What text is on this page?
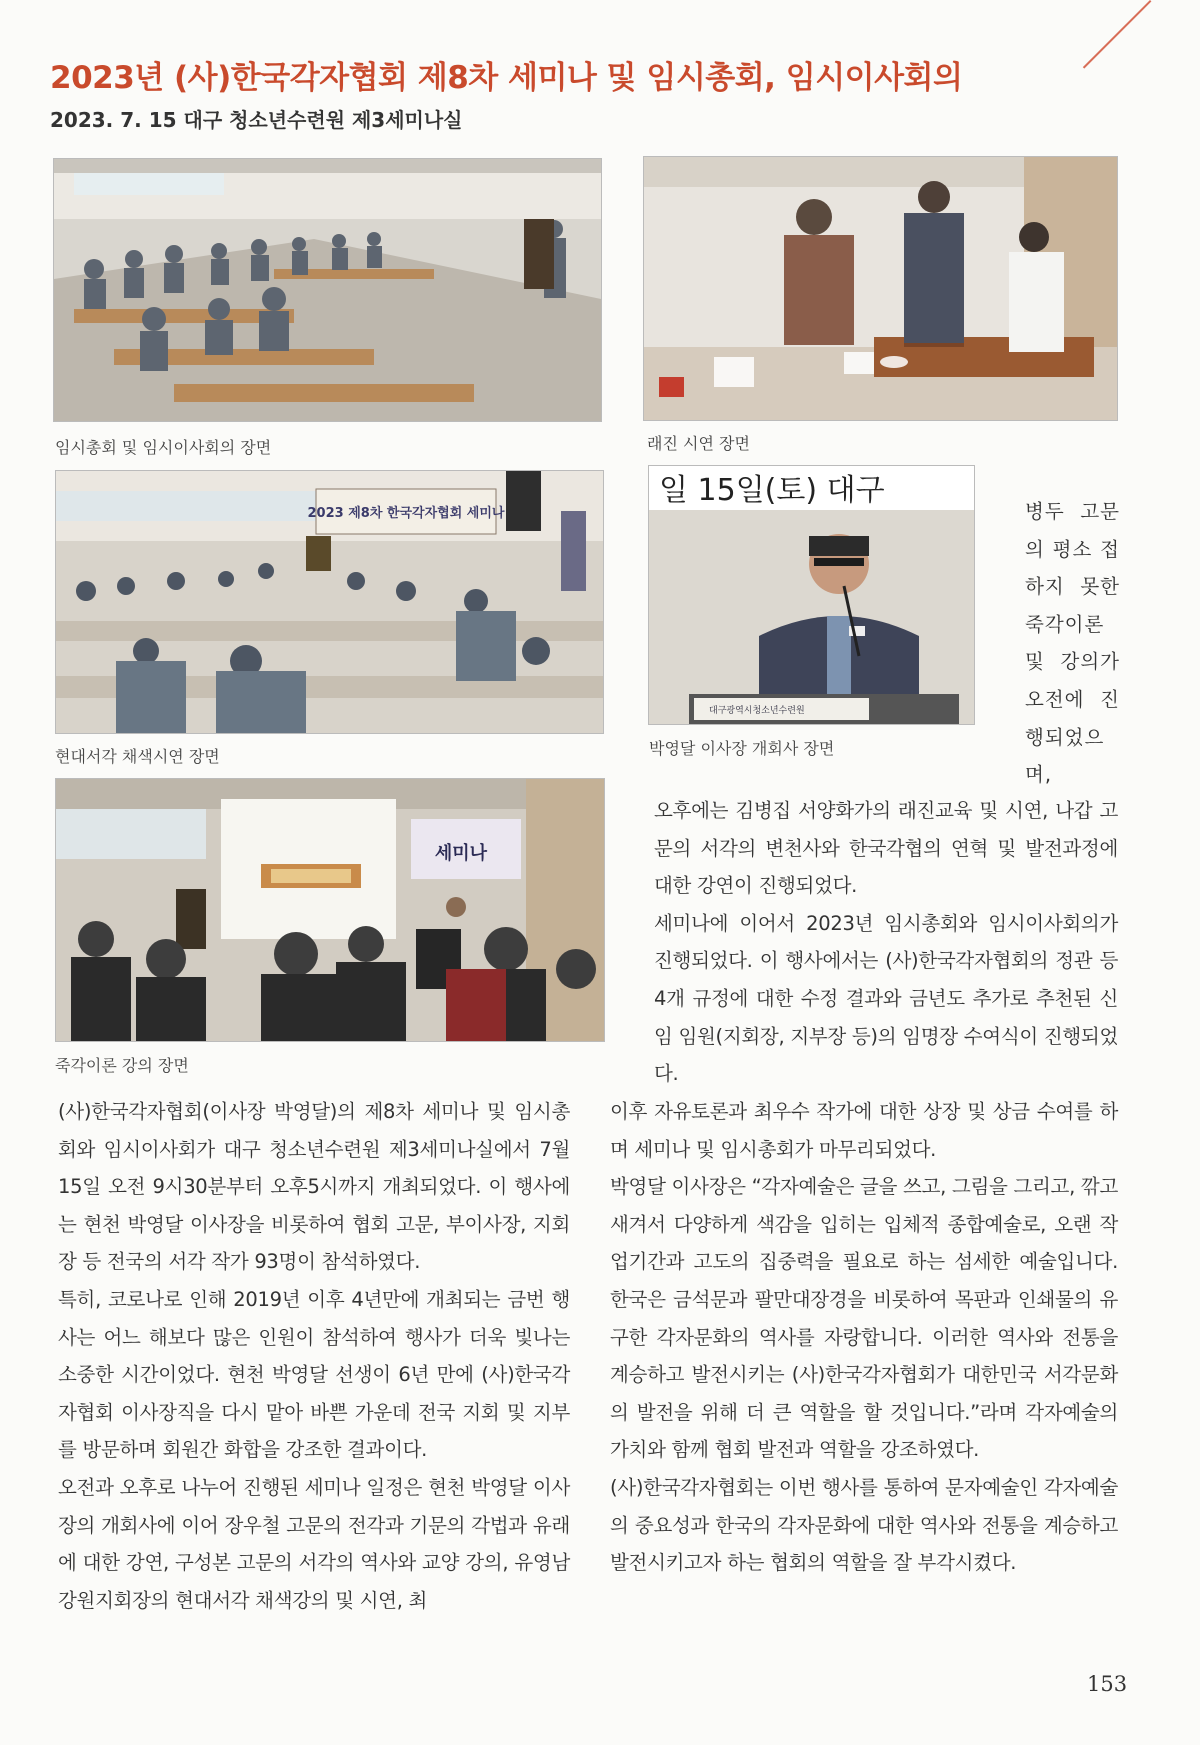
2023년 (사)한국각자협회 제8차 세미나 및 임시총회, 임시이사회의
2023. 7. 15 대구 청소년수련원 제3세미나실
임시총회 및 임시이사회의 장면	래진 시연 장면
2023 제8차 한국각자협회 세미나
현대서각 채색시연 장면
일 15일(토) 대구
대구광역시청소년수련원
박영달 이사장 개회사 장면
세미나
죽각이론 강의 장면
병두 고문의 평소 접하지 못한 죽각이론 및 강의가 오전에 진행되었으며,

오후에는 김병집 서양화가의 래진교육 및 시연, 나갑 고문의 서각의 변천사와 한국각협의 연혁 및 발전과정에 대한 강연이 진행되었다.

세미나에 이어서 2023년 임시총회와 임시이사회의가 진행되었다. 이 행사에서는 (사)한국각자협회의 정관 등 4개 규정에 대한 수정 결과와 금년도 추가로 추천된 신임 임원(지회장, 지부장 등)의 임명장 수여식이 진행되었다.

이후 자유토론과 최우수 작가에 대한 상장 및 상금 수여를 하며 세미나 및 임시총회가 마무리되었다.

박영달 이사장은 “각자예술은 글을 쓰고, 그림을 그리고, 깎고 새겨서 다양하게 색감을 입히는 입체적 종합예술로, 오랜 작업기간과 고도의 집중력을 필요로 하는 섬세한 예술입니다. 한국은 금석문과 팔만대장경을 비롯하여 목판과 인쇄물의 유구한 각자문화의 역사를 자랑합니다. 이러한 역사와 전통을 계승하고 발전시키는 (사)한국각자협회가 대한민국 서각문화의 발전을 위해 더 큰 역할을 할 것입니다.”라며 각자예술의 가치와 함께 협회 발전과 역할을 강조하였다.

(사)한국각자협회는 이번 행사를 통하여 문자예술인 각자예술의 중요성과 한국의 각자문화에 대한 역사와 전통을 계승하고 발전시키고자 하는 협회의 역할을 잘 부각시켰다.

(사)한국각자협회(이사장 박영달)의 제8차 세미나 및 임시총회와 임시이사회가 대구 청소년수련원 제3세미나실에서 7월 15일 오전 9시30분부터 오후5시까지 개최되었다. 이 행사에는 현천 박영달 이사장을 비롯하여 협회 고문, 부이사장, 지회장 등 전국의 서각 작가 93명이 참석하였다.

특히, 코로나로 인해 2019년 이후 4년만에 개최되는 금번 행사는 어느 해보다 많은 인원이 참석하여 행사가 더욱 빛나는 소중한 시간이었다. 현천 박영달 선생이 6년 만에 (사)한국각자협회 이사장직을 다시 맡아 바쁜 가운데 전국 지회 및 지부를 방문하며 회원간 화합을 강조한 결과이다.

오전과 오후로 나누어 진행된 세미나 일정은 현천 박영달 이사장의 개회사에 이어 장우철 고문의 전각과 기문의 각법과 유래에 대한 강연, 구성본 고문의 서각의 역사와 교양 강의, 유영남 강원지회장의 현대서각 채색강의 및 시연, 최

153
